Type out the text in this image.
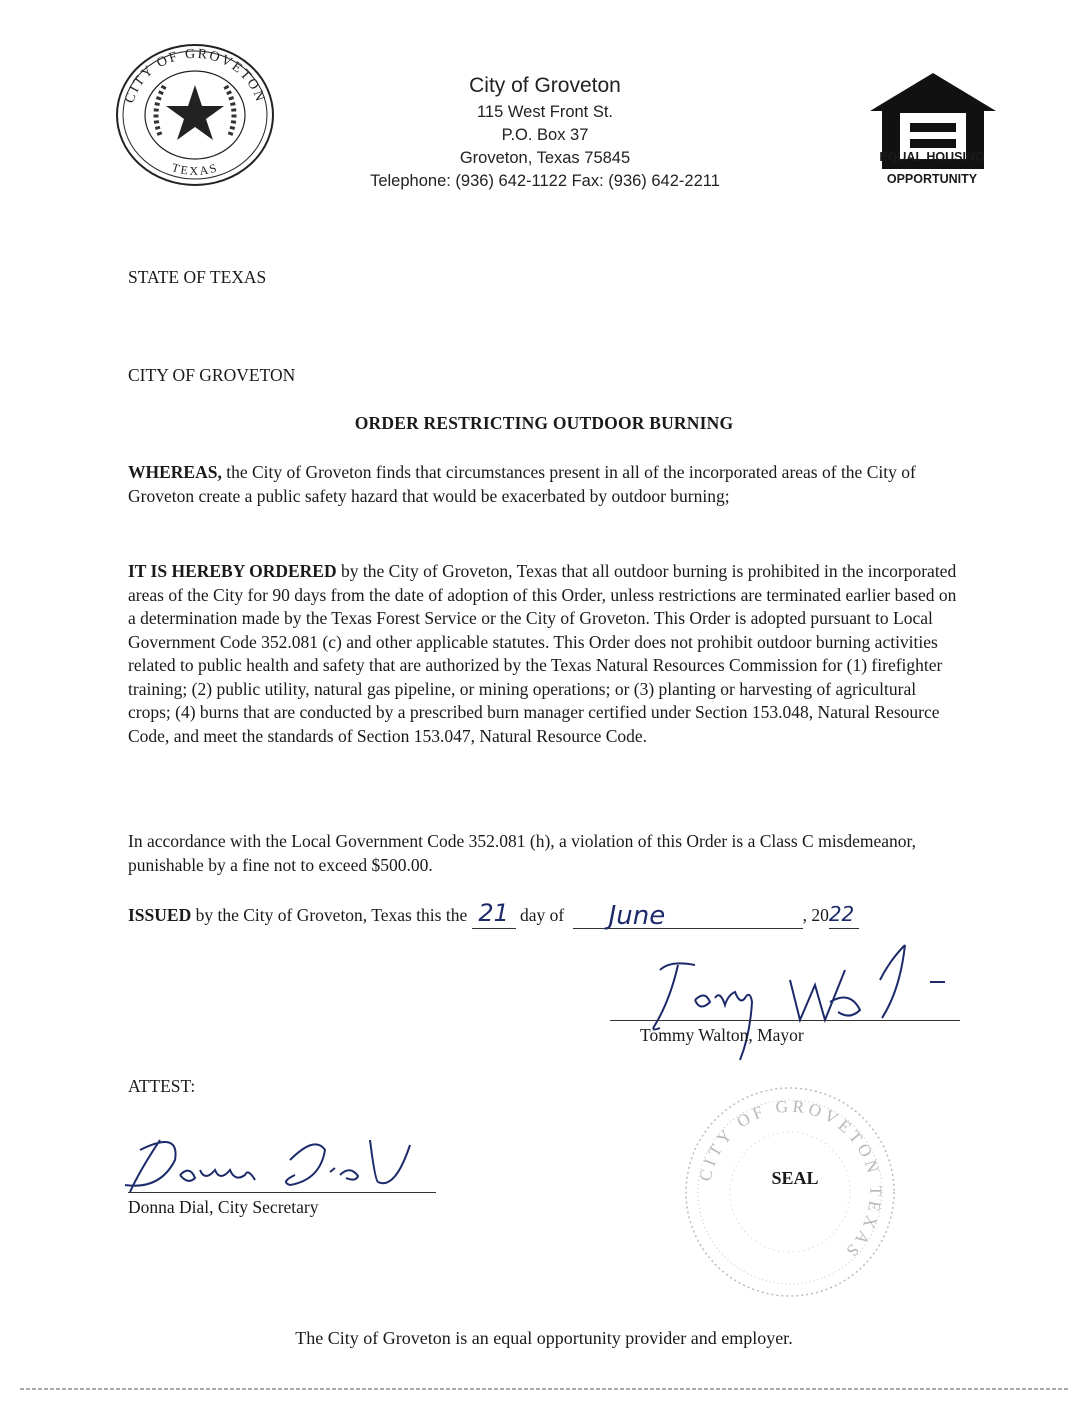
CITY OF GROVETON
TEXAS
City of Groveton
115 West Front St.
P.O. Box 37
Groveton, Texas 75845
Telephone: (936) 642-1122 Fax: (936) 642-2211
EQUAL HOUSING
OPPORTUNITY
STATE OF TEXAS
CITY OF GROVETON
ORDER RESTRICTING OUTDOOR BURNING
WHEREAS, the City of Groveton finds that circumstances present in all of the incorporated areas of the City of Groveton create a public safety hazard that would be exacerbated by outdoor burning;
IT IS HEREBY ORDERED by the City of Groveton, Texas that all outdoor burning is prohibited in the incorporated areas of the City for 90 days from the date of adoption of this Order, unless restrictions are terminated earlier based on a determination made by the Texas Forest Service or the City of Groveton. This Order is adopted pursuant to Local Government Code 352.081 (c) and other applicable statutes. This Order does not prohibit outdoor burning activities related to public health and safety that are authorized by the Texas Natural Resources Commission for (1) firefighter training; (2) public utility, natural gas pipeline, or mining operations; or (3) planting or harvesting of agricultural crops; (4) burns that are conducted by a prescribed burn manager certified under Section 153.048, Natural Resource Code, and meet the standards of Section 153.047, Natural Resource Code.
In accordance with the Local Government Code 352.081 (h), a violation of this Order is a Class C misdemeanor, punishable by a fine not to exceed $500.00.
ISSUED by the City of Groveton, Texas this the 21 day of June	, 2022
Tommy Walton, Mayor
ATTEST:
Donna Dial, City Secretary
CITY OF GROVETON TEXAS
SEAL
The City of Groveton is an equal opportunity provider and employer.
